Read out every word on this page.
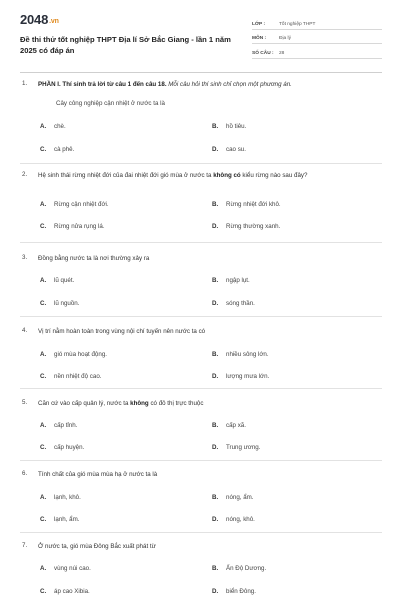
2048.vn
Đề thi thử tốt nghiệp THPT Địa lí Sở Bắc Giang - lần 1 năm 2025 có đáp án
LỚP :	Tốt nghiệp THPT
MÔN :	Địa lý
SỐ CÂU :	28
1. PHẦN I. Thí sinh trả lời từ câu 1 đến câu 18. Mỗi câu hỏi thí sinh chỉ chọn một phương án.
Cây công nghiệp cận nhiệt ở nước ta là
A. chè.	B. hồ tiêu.
C. cà phê.	D. cao su.
2. Hệ sinh thái rừng nhiệt đới của đai nhiệt đới gió mùa ở nước ta không có kiểu rừng nào sau đây?
A. Rừng cận nhiệt đới.	B. Rừng nhiệt đới khô.
C. Rừng nửa rụng lá.	D. Rừng thường xanh.
3. Đồng bằng nước ta là nơi thường xảy ra
A. lũ quét.	B. ngập lụt.
C. lũ nguồn.	D. sóng thần.
4. Vị trí nằm hoàn toàn trong vùng nội chí tuyến nên nước ta có
A. gió mùa hoạt động.	B. nhiều sông lớn.
C. nền nhiệt độ cao.	D. lượng mưa lớn.
5. Căn cứ vào cấp quản lý, nước ta không có đô thị trực thuộc
A. cấp tỉnh.	B. cấp xã.
C. cấp huyện.	D. Trung ương.
6. Tính chất của gió mùa mùa hạ ở nước ta là
A. lạnh, khô.	B. nóng, ẩm.
C. lạnh, ẩm.	D. nóng, khô.
7. Ở nước ta, gió mùa Đông Bắc xuất phát từ
A. vùng núi cao.	B. Ấn Độ Dương.
C. áp cao Xibia.	D. biển Đông.
